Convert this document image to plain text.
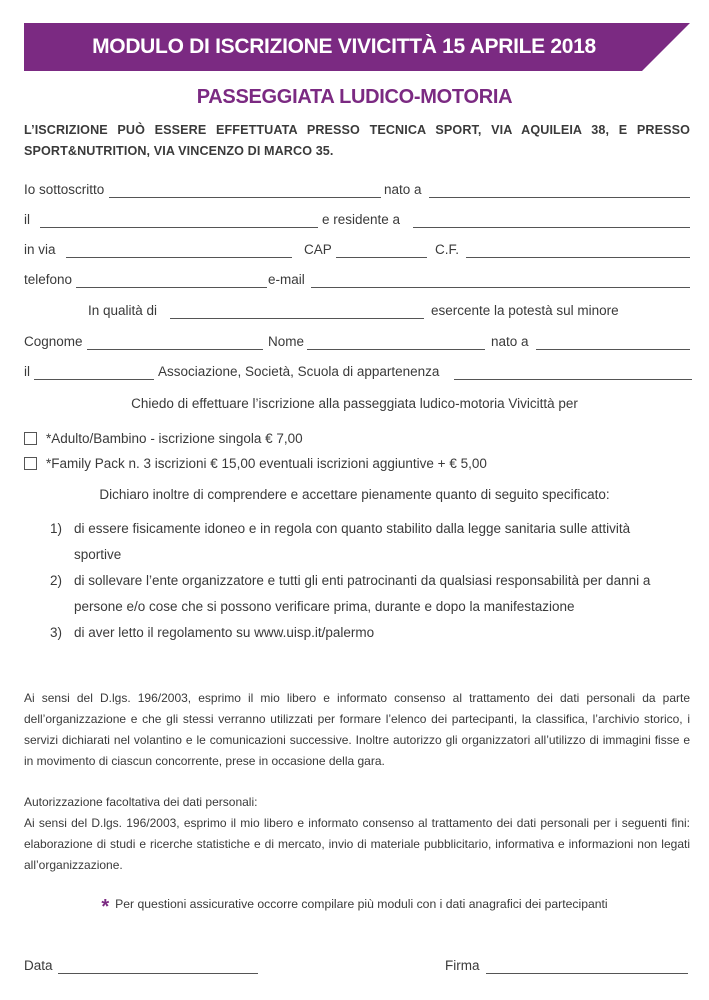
MODULO DI ISCRIZIONE VIVICITTÀ 15 APRILE 2018
PASSEGGIATA LUDICO-MOTORIA
L’ISCRIZIONE PUÒ ESSERE EFFETTUATA PRESSO TECNICA SPORT, VIA AQUILEIA 38, E PRESSO SPORT&NUTRITION, VIA VINCENZO DI MARCO 35.
Io sottoscritto	nato a
il	e residente a
in via	CAP	C.F.
telefono	e-mail
In qualità di	esercente la potestà sul minore
Cognome	Nome	nato a
il	Associazione, Società, Scuola di appartenenza
Chiedo di effettuare l’iscrizione alla passeggiata ludico-motoria Vivicittà per
*Adulto/Bambino - iscrizione singola € 7,00
*Family Pack n. 3 iscrizioni € 15,00 eventuali iscrizioni aggiuntive + € 5,00
Dichiaro inoltre di comprendere e accettare pienamente quanto di seguito specificato:
1) di essere fisicamente idoneo e in regola con quanto stabilito dalla legge sanitaria sulle attività sportive
2) di sollevare l’ente organizzatore e tutti gli enti patrocinanti da qualsiasi responsabilità per danni a persone e/o cose che si possono verificare prima, durante e dopo la manifestazione
3) di aver letto il regolamento su www.uisp.it/palermo
Ai sensi del D.lgs. 196/2003, esprimo il mio libero e informato consenso al trattamento dei dati personali da parte dell’organizzazione e che gli stessi verranno utilizzati per formare l’elenco dei partecipanti, la classifica, l’archivio storico, i servizi dichiarati nel volantino e le comunicazioni successive. Inoltre autorizzo gli organizzatori all’utilizzo di immagini fisse e in movimento di ciascun concorrente, prese in occasione della gara.
Autorizzazione facoltativa dei dati personali:
Ai sensi del D.lgs. 196/2003, esprimo il mio libero e informato consenso al trattamento dei dati personali per i seguenti fini: elaborazione di studi e ricerche statistiche e di mercato, invio di materiale pubblicitario, informativa e informazioni non legati all’organizzazione.
* Per questioni assicurative occorre compilare più moduli con i dati anagrafici dei partecipanti
Data	Firma
